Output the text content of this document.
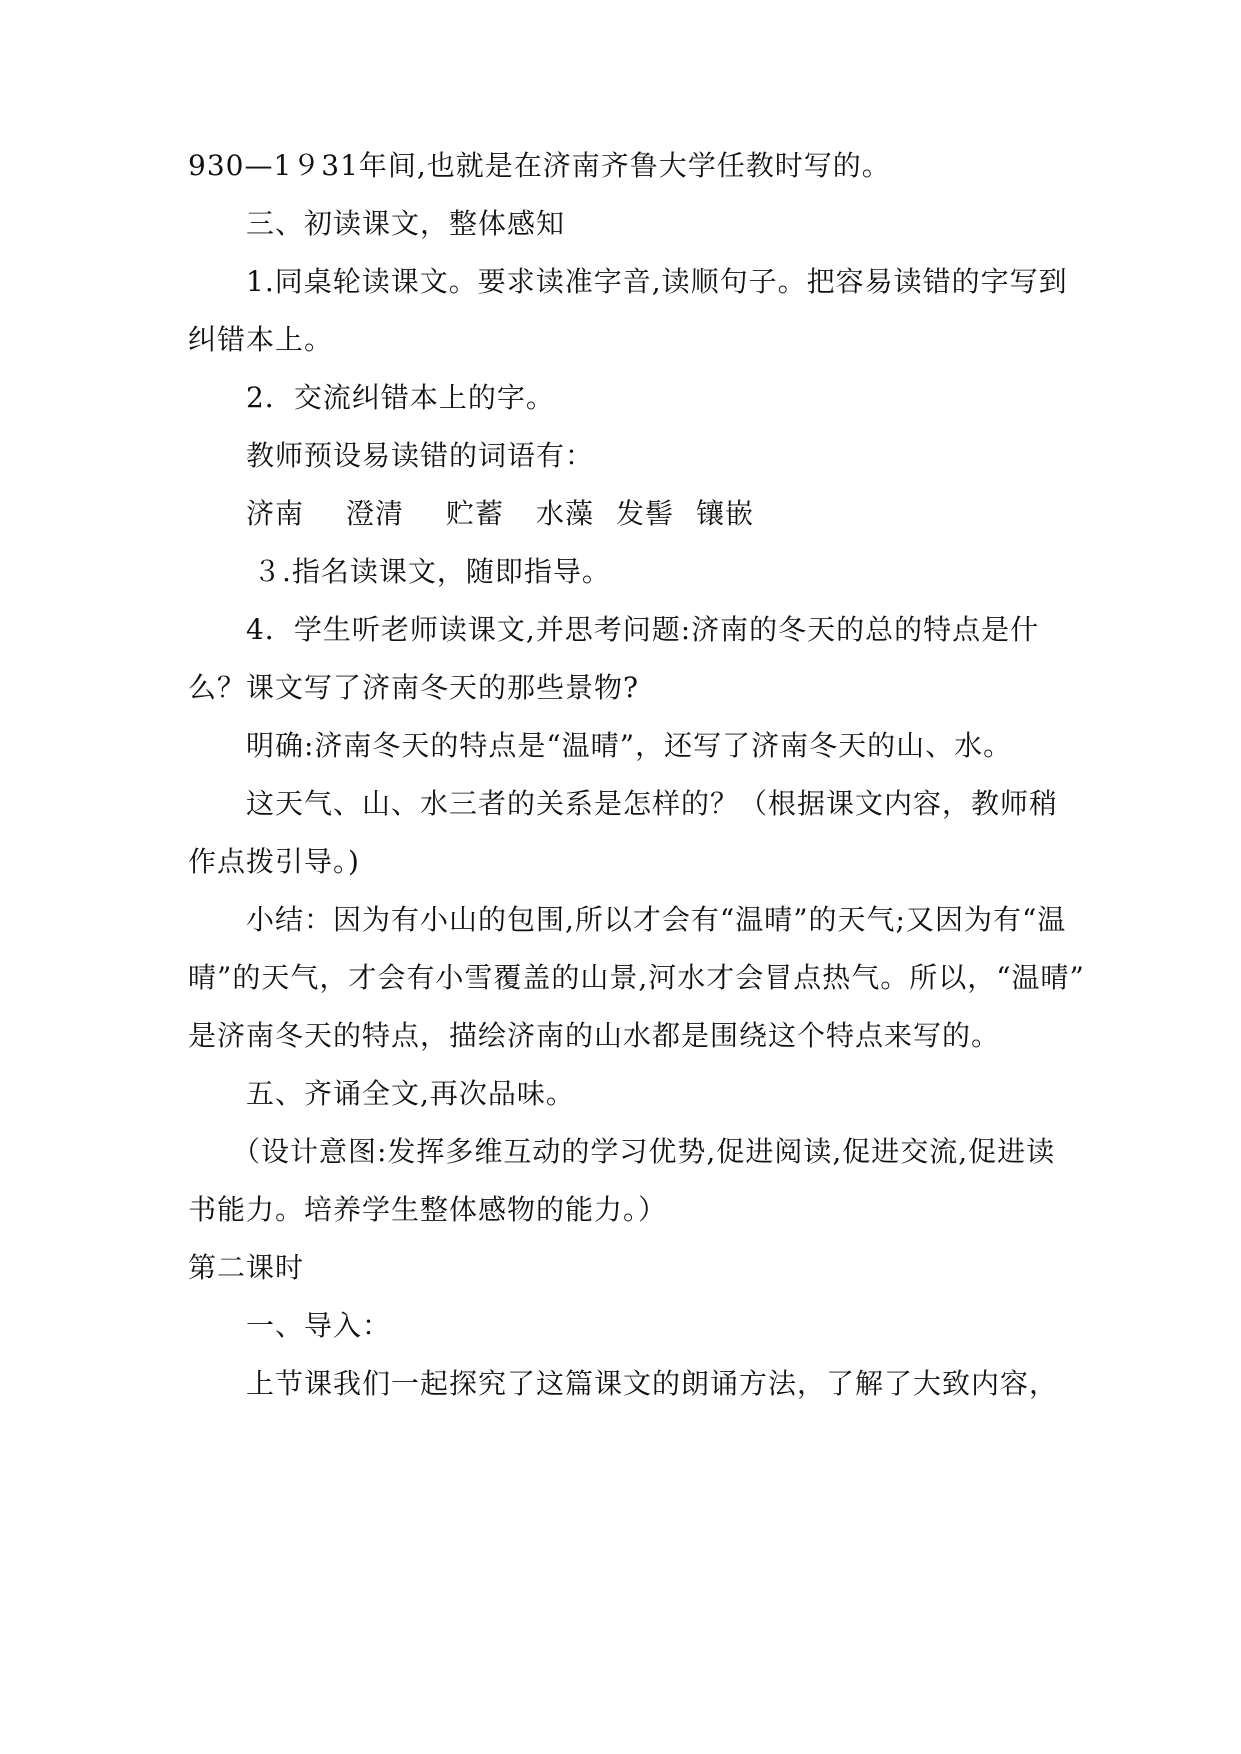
930—1９31年间,也就是在济南齐鲁大学任教时写的。
三、初读课文，整体感知
1.同桌轮读课文。要求读准字音,读顺句子。把容易读错的字写到
纠错本上。
2．交流纠错本上的字。
教师预设易读错的词语有：
济南 澄清 贮蓄 水藻 发髻 镶嵌
３.指名读课文，随即指导。
4．学生听老师读课文,并思考问题:济南的冬天的总的特点是什
么？课文写了济南冬天的那些景物?
明确:济南冬天的特点是“温晴”，还写了济南冬天的山、水。
这天气、山、水三者的关系是怎样的？（根据课文内容，教师稍
作点拨引导。)
小结：因为有小山的包围,所以才会有“温晴”的天气;又因为有“温
晴”的天气，才会有小雪覆盖的山景,河水才会冒点热气。所以，“温晴”
是济南冬天的特点，描绘济南的山水都是围绕这个特点来写的。
五、齐诵全文,再次品味。
（设计意图:发挥多维互动的学习优势,促进阅读,促进交流,促进读
书能力。培养学生整体感物的能力。）
第二课时
一、导入：
上节课我们一起探究了这篇课文的朗诵方法，了解了大致内容，
